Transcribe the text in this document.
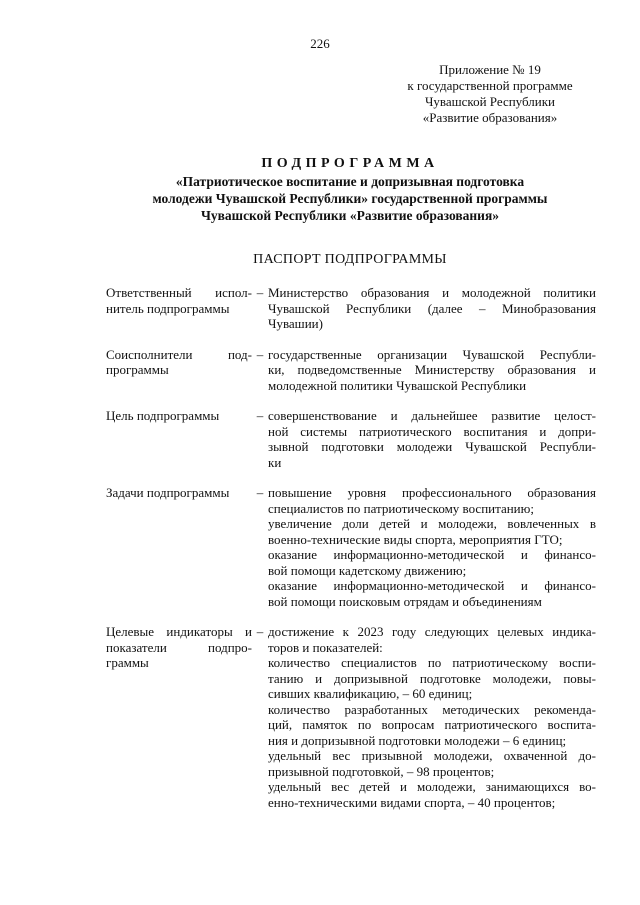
226
Приложение № 19
к государственной программе
Чувашской Республики
«Развитие образования»
ПОДПРОГРАММА
«Патриотическое воспитание и допризывная подготовка
молодежи Чувашской Республики» государственной программы
Чувашской Республики «Развитие образования»
ПАСПОРТ ПОДПРОГРАММЫ
Ответственный испол-
нитель подпрограммы
– Министерство образования и молодежной политики
Чувашской Республики (далее – Минобразования
Чувашии)
Соисполнители под-
программы
– государственные организации Чувашской Республи-
ки, подведомственные Министерству образования и
молодежной политики Чувашской Республики
Цель подпрограммы	– совершенствование и дальнейшее развитие целост-
ной системы патриотического воспитания и допри-
зывной подготовки молодежи Чувашской Республи-
ки
Задачи подпрограммы	– повышение уровня профессионального образования
специалистов по патриотическому воспитанию;
увеличение доли детей и молодежи, вовлеченных в
военно-технические виды спорта, мероприятия ГТО;
оказание информационно-методической и финансо-
вой помощи кадетскому движению;
оказание информационно-методической и финансо-
вой помощи поисковым отрядам и объединениям
Целевые индикаторы и
показатели подпро-
граммы
– достижение к 2023 году следующих целевых индика-
торов и показателей:
количество специалистов по патриотическому воспи-
танию и допризывной подготовке молодежи, повы-
сивших квалификацию, – 60 единиц;
количество разработанных методических рекоменда-
ций, памяток по вопросам патриотического воспита-
ния и допризывной подготовки молодежи – 6 единиц;
удельный вес призывной молодежи, охваченной до-
призывной подготовкой, – 98 процентов;
удельный вес детей и молодежи, занимающихся во-
енно-техническими видами спорта, – 40 процентов;
